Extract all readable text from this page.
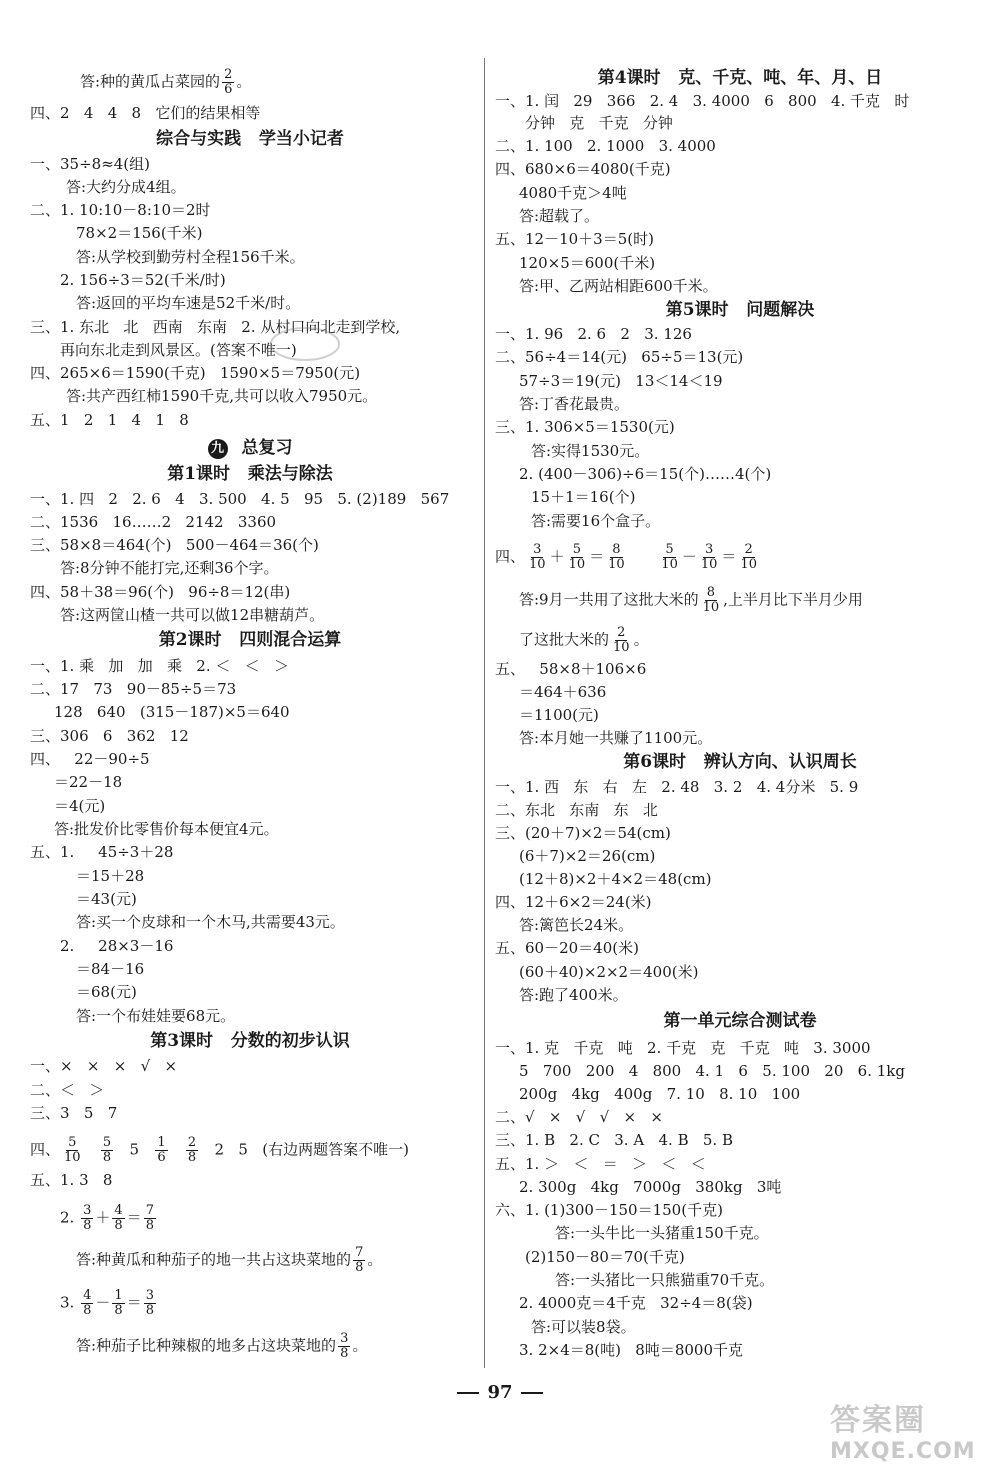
答:种的黄瓜占菜园的 $\frac{2}{6}$ 。
四、2   4   4   8   它们的结果相等
综合与实践   学当小记者
一、35÷8≈4(组)
答:大约分成4组。
二、1. 10:10－8:10＝2时
78×2＝156(千米)
答:从学校到勤劳村全程156千米。
2. 156÷3＝52(千米/时)
答:返回的平均车速是52千米/时。
三、1. 东北   北   西南   东南   2. 从村口向北走到学校,
再向东北走到风景区。(答案不唯一)
四、265×6＝1590(千克)   1590×5＝7950(元)
答:共产西红柿1590千克,共可以收入7950元。
五、1   2   1   4   1   8
九 总复习
第1课时   乘法与除法
一、1. 四   2   2. 6   4   3. 500   4. 5   95   5. (2)189   567
二、1536   16……2   2142   3360
三、58×8＝464(个)   500－464＝36(个)
答:8分钟不能打完,还剩36个字。
四、58＋38＝96(个)   96÷8＝12(串)
答:这两筐山楂一共可以做12串糖葫芦。
第2课时   四则混合运算
一、1. 乘   加   加   乘   2. ＜   ＜   ＞
二、17   73   90－85÷5＝73
128   640   (315－187)×5＝640
三、306   6   362   12
四、   22－90÷5
＝22－18
＝4(元)
答:批发价比零售价每本便宜4元。
五、1.     45÷3＋28
＝15＋28
＝43(元)
答:买一个皮球和一个木马,共需要43元。
2.     28×3－16
＝84－16
＝68(元)
答:一个布娃娃要68元。
第3课时   分数的初步认识
一、×   ×   ×   √   ×
二、＜   ＞
三、3   5   7
四、 $\frac{5}{10}$
$\frac{5}{8} 5 \frac{1}{6}$
$\frac{2}{8} 2$ 5 (右边两题答案不唯一)
五、1. 3   8
2. $\frac{3}{8} + \frac{4}{8} = \frac{7}{8}$
答:种黄瓜和种茄子的地一共占这块菜地的 $\frac{7}{8}$ 。
3. $\frac{4}{8} - \frac{1}{8} = \frac{3}{8}$
答:种茄子比种辣椒的地多占这块菜地的 $\frac{3}{8}$ 。
第4课时   克、千克、吨、年、月、日
一、1. 闰   29   366   2. 4   3. 4000   6   800   4. 千克   时
分钟   克   千克   分钟
二、1. 100   2. 1000   3. 4000
四、680×6＝4080(千克)
4080千克＞4吨
答:超载了。
五、12－10＋3＝5(时)
120×5＝600(千米)
答:甲、乙两站相距600千米。
第5课时   问题解决
一、1. 96   2. 6   2   3. 126
二、56÷4＝14(元)   65÷5＝13(元)
57÷3＝19(元)   13＜14＜19
答:丁香花最贵。
三、1. 306×5＝1530(元)
答:实得1530元。
2. (400－306)÷6＝15(个)……4(个)
15＋1＝16(个)
答:需要16个盒子。
四、 $\frac{3}{10} + \frac{5}{10} = \frac{8}{10}$
	$\frac{5}{10} - \frac{3}{10} = \frac{2}{10}$
答:9月一共用了这批大米的 $\frac{8}{10}$ ,上半月比下半月少用
了这批大米的 $\frac{2}{10}$ 。
五、   58×8＋106×6
＝464＋636
＝1100(元)
答:本月她一共赚了1100元。
第6课时   辨认方向、认识周长
一、1. 西   东   右   左   2. 48   3. 2   4. 4分米   5. 9
二、东北   东南   东   北
三、(20＋7)×2＝54(cm)
(6＋7)×2＝26(cm)
(12＋8)×2＋4×2＝48(cm)
四、12＋6×2＝24(米)
答:篱笆长24米。
五、60－20＝40(米)
(60＋40)×2×2＝400(米)
答:跑了400米。
第一单元综合测试卷
一、1. 克   千克   吨   2. 千克   克   千克   吨   3. 3000
5   700   200   4   800   4. 1   6   5. 100   20   6. 1kg
200g   4kg   400g   7. 10   8. 10   100
二、√   ×   √   √   ×   ×
三、1. B   2. C   3. A   4. B   5. B
五、1. ＞   ＜   ＝   ＞   ＜   ＜
2. 300g   4kg   7000g   380kg   3吨
六、1. (1)300－150＝150(千克)
答:一头牛比一头猪重150千克。
(2)150－80＝70(千克)
答:一头猪比一只熊猫重70千克。
2. 4000克＝4千克   32÷4＝8(袋)
答:可以装8袋。
3. 2×4＝8(吨)   8吨＝8000千克
97
答案圈
MXQE.COM
